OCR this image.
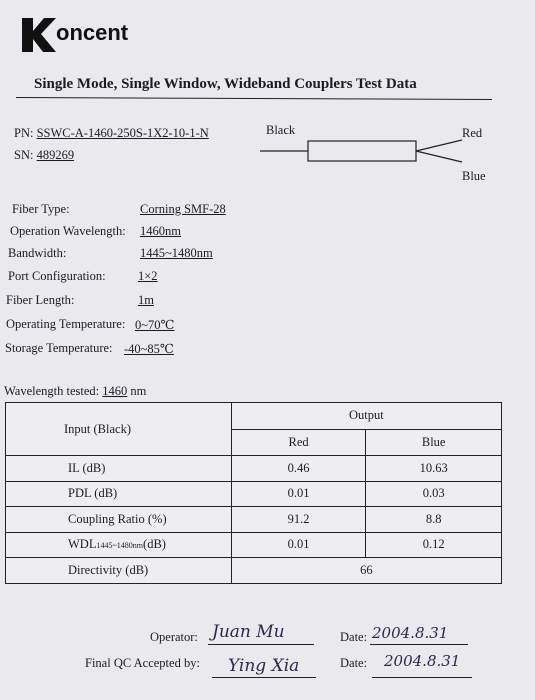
oncent
Single Mode, Single Window, Wideband Couplers Test Data
PN: SSWC-A-1460-250S-1X2-10-1-N
SN: 489269
Black	Red
Blue
Fiber Type:	Corning SMF-28
Operation Wavelength: 1460nm
Bandwidth:	1445~1480nm
Port Configuration:	1×2
Fiber Length:	1m
Operating Temperature: 0~70℃
Storage Temperature: -40~85℃
Wavelength tested: 1460 nm
Input (Black)	Output	
	Red	Blue
IL (dB)	0.46	10.63
PDL (dB)	0.01	0.03
Coupling Ratio (%)	91.2	8.8
WDL1445~1480nm(dB)	0.01	0.12
Directivity (dB)	66	
Operator: Juan Mu	Date: 2004.8.31
Final QC Accepted by: Ying Xia	Date: 2004.8.31
